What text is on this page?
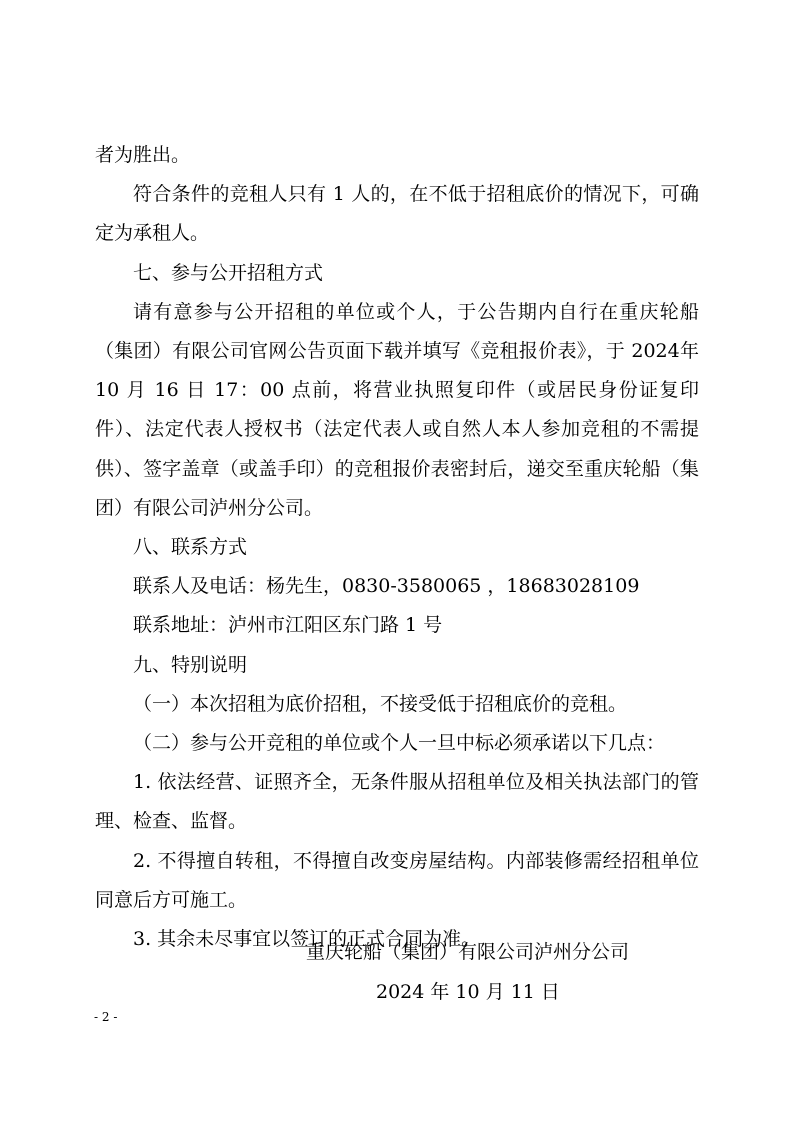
者为胜出。

符合条件的竞租人只有 1 人的，在不低于招租底价的情况下，可确定为承租人。

七、参与公开招租方式

请有意参与公开招租的单位或个人，于公告期内自行在重庆轮船（集团）有限公司官网公告页面下载并填写《竞租报价表》，于 2024年 10 月 16 日 17：00 点前，将营业执照复印件（或居民身份证复印件）、法定代表人授权书（法定代表人或自然人本人参加竞租的不需提供）、签字盖章（或盖手印）的竞租报价表密封后，递交至重庆轮船（集团）有限公司泸州分公司。

八、联系方式

联系人及电话：杨先生，0830-3580065 ，18683028109

联系地址：泸州市江阳区东门路 1 号

九、特别说明

（一）本次招租为底价招租，不接受低于招租底价的竞租。

（二）参与公开竞租的单位或个人一旦中标必须承诺以下几点：

1. 依法经营、证照齐全，无条件服从招租单位及相关执法部门的管理、检查、监督。

2. 不得擅自转租，不得擅自改变房屋结构。内部装修需经招租单位同意后方可施工。

3. 其余未尽事宜以签订的正式合同为准。

重庆轮船（集团）有限公司泸州分公司
2024 年 10 月 11 日
- 2 -
